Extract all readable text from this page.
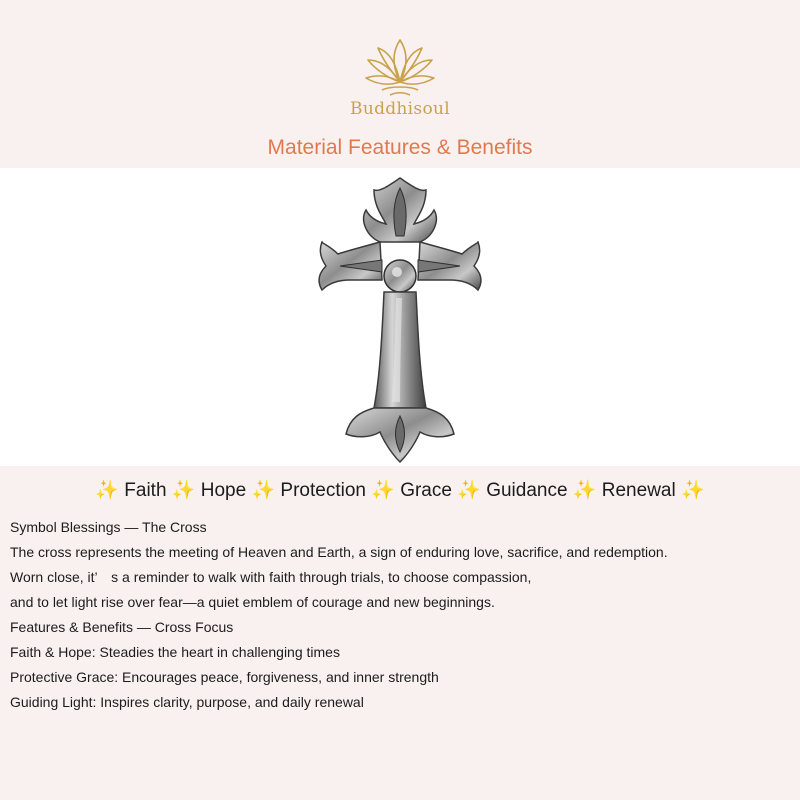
Buddhisoul
Material Features & Benefits
✨ Faith ✨ Hope ✨ Protection ✨ Grace ✨ Guidance ✨ Renewal ✨
Symbol Blessings — The Cross
The cross represents the meeting of Heaven and Earth, a sign of enduring love, sacrifice, and redemption.
Worn close, it’　s a reminder to walk with faith through trials, to choose compassion,
and to let light rise over fear—a quiet emblem of courage and new beginnings.
Features & Benefits — Cross Focus
Faith & Hope: Steadies the heart in challenging times
Protective Grace: Encourages peace, forgiveness, and inner strength
Guiding Light: Inspires clarity, purpose, and daily renewal
